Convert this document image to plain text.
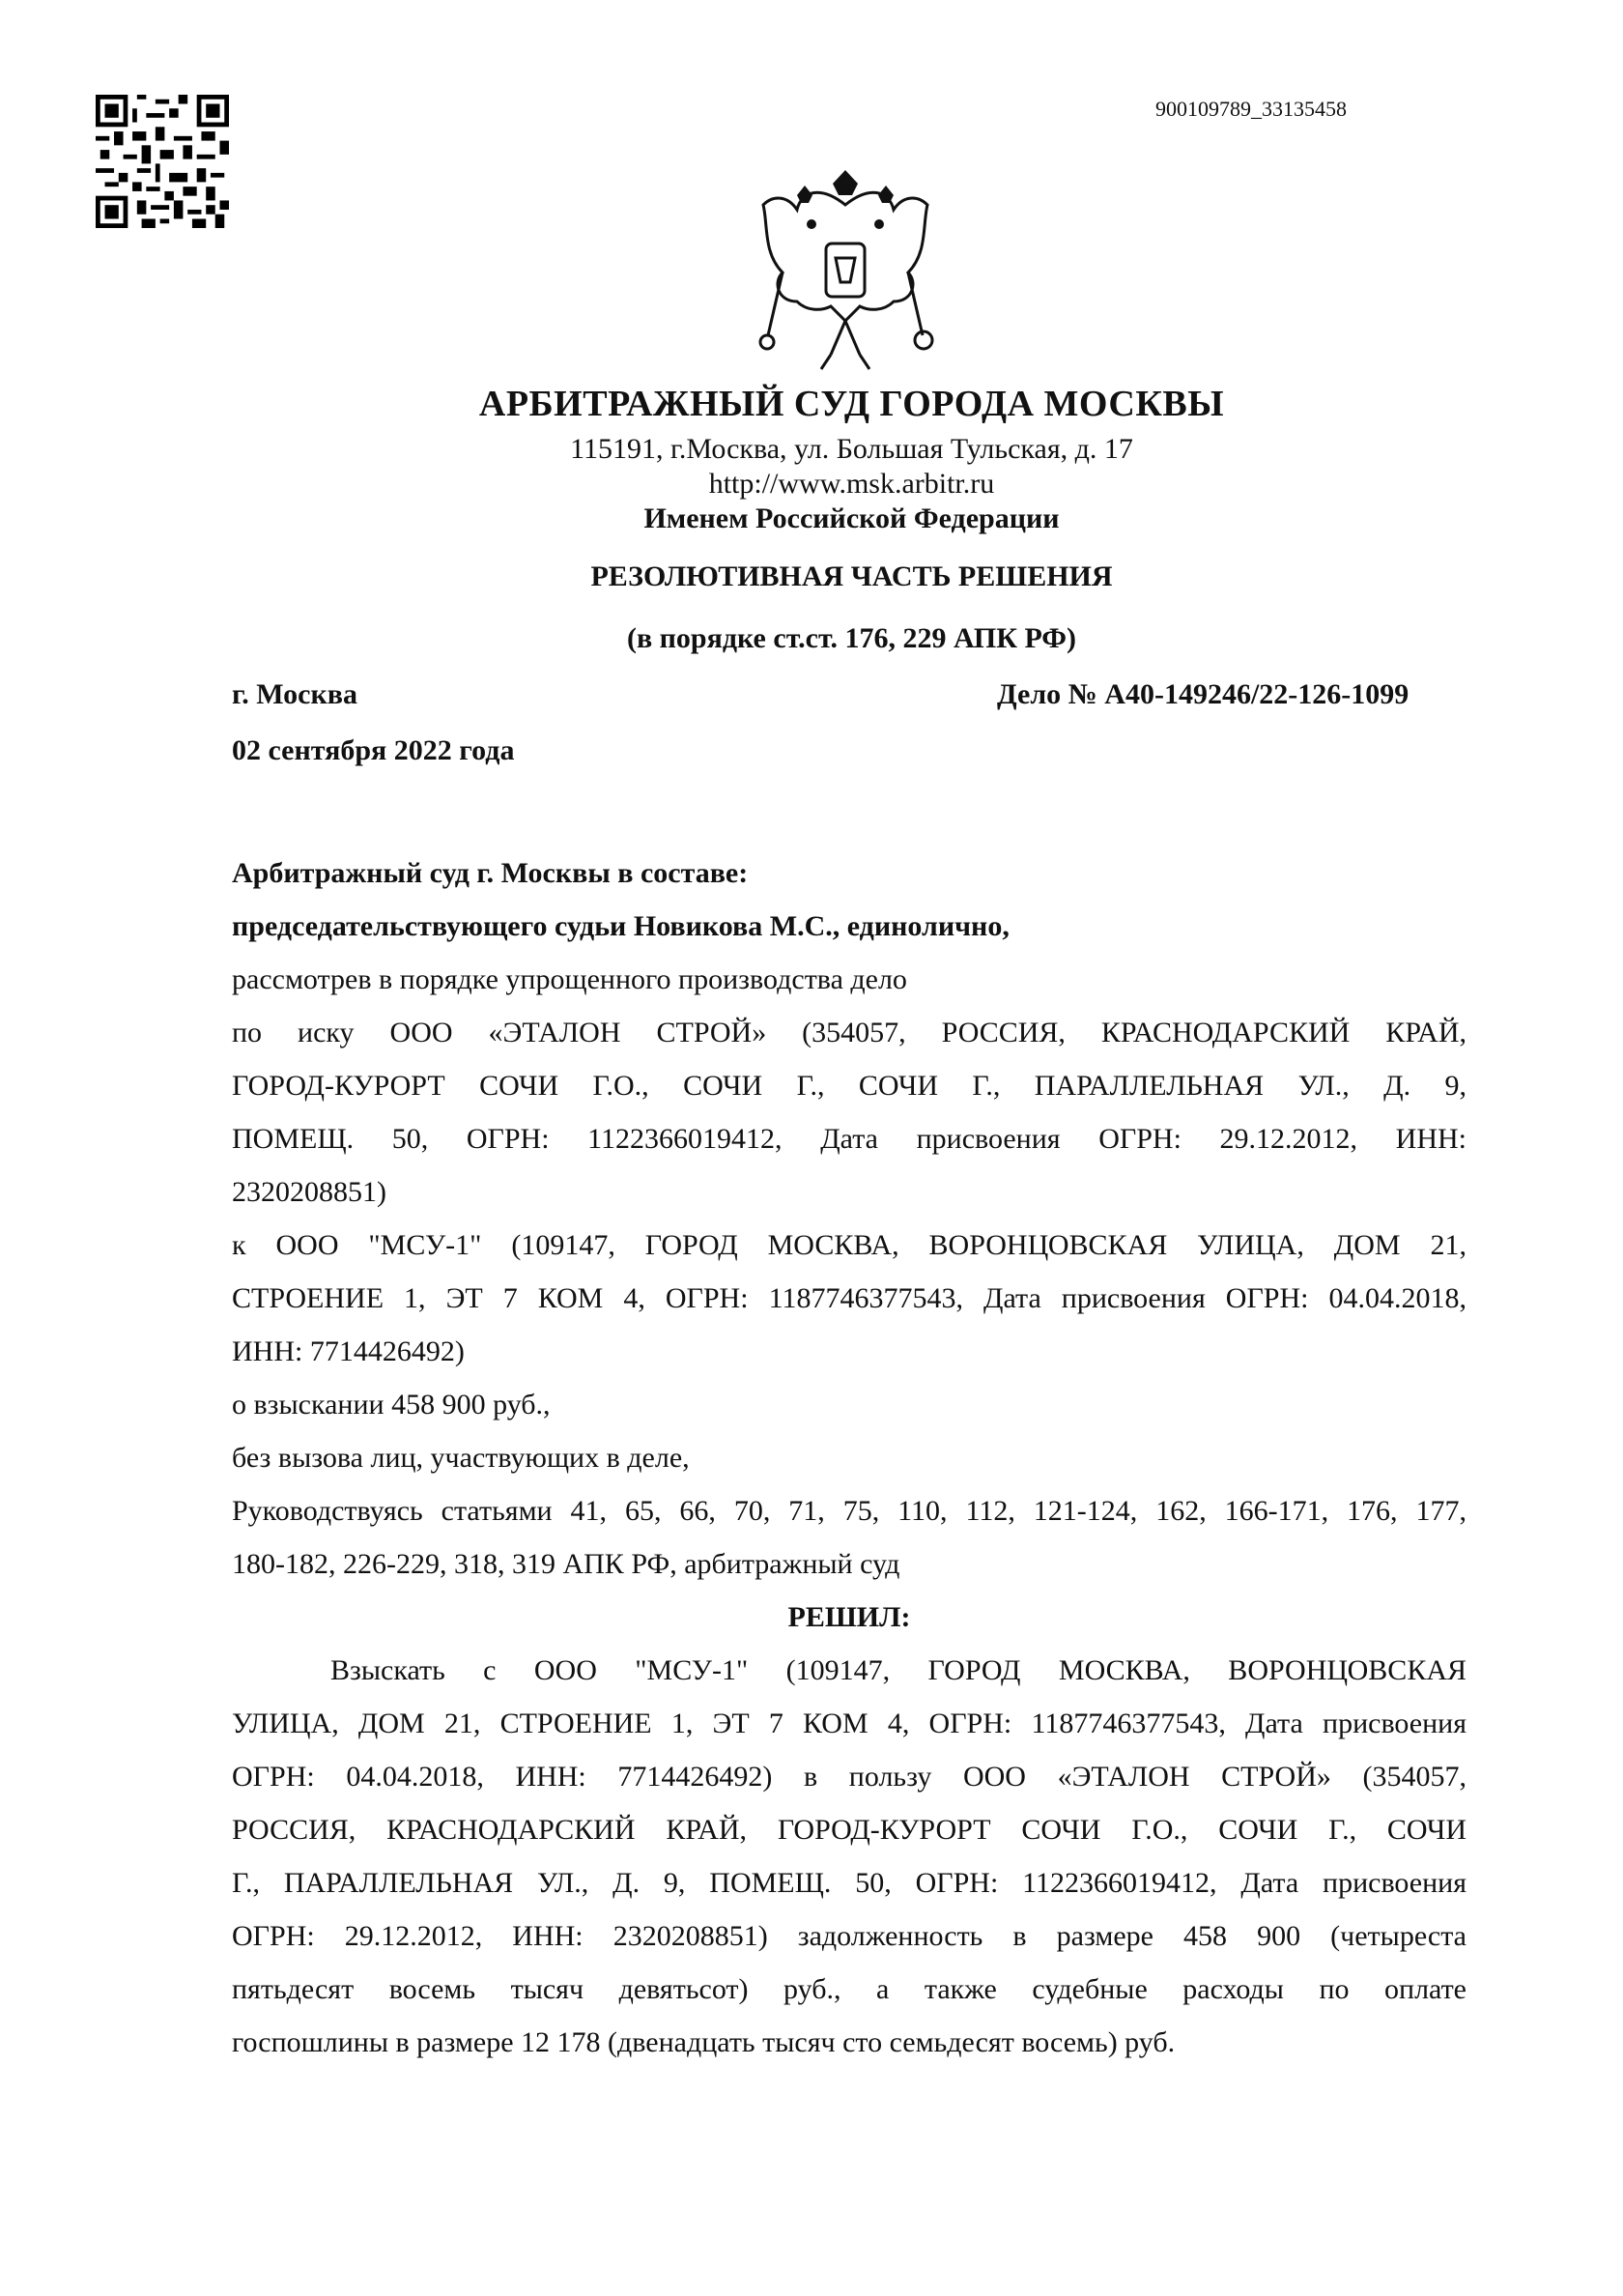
900109789_33135458
АРБИТРАЖНЫЙ СУД ГОРОДА МОСКВЫ
115191, г.Москва, ул. Большая Тульская, д. 17
http://www.msk.arbitr.ru
Именем Российской Федерации
РЕЗОЛЮТИВНАЯ ЧАСТЬ РЕШЕНИЯ
(в порядке ст.ст. 176, 229 АПК РФ)
г. Москва	Дело № А40-149246/22-126-1099
02 сентября 2022 года

Арбитражный суд г. Москвы в составе:

председательствующего судьи Новикова М.С., единолично,

рассмотрев в порядке упрощенного производства дело

по иску ООО «ЭТАЛОН СТРОЙ» (354057, РОССИЯ, КРАСНОДАРСКИЙ КРАЙ,

ГОРОД-КУРОРТ СОЧИ Г.О., СОЧИ Г., СОЧИ Г., ПАРАЛЛЕЛЬНАЯ УЛ., Д. 9,

ПОМЕЩ. 50, ОГРН: 1122366019412, Дата присвоения ОГРН: 29.12.2012, ИНН:

2320208851)

к ООО "МСУ-1" (109147, ГОРОД МОСКВА, ВОРОНЦОВСКАЯ УЛИЦА, ДОМ 21,

СТРОЕНИЕ 1, ЭТ 7 КОМ 4, ОГРН: 1187746377543, Дата присвоения ОГРН: 04.04.2018,

ИНН: 7714426492)

о взыскании 458 900 руб.,

без вызова лиц, участвующих в деле,

Руководствуясь статьями 41, 65, 66, 70, 71, 75, 110, 112, 121-124, 162, 166-171, 176, 177,

180-182, 226-229, 318, 319 АПК РФ, арбитражный суд

РЕШИЛ:

Взыскать с ООО "МСУ-1" (109147, ГОРОД МОСКВА, ВОРОНЦОВСКАЯ

УЛИЦА, ДОМ 21, СТРОЕНИЕ 1, ЭТ 7 КОМ 4, ОГРН: 1187746377543, Дата присвоения

ОГРН: 04.04.2018, ИНН: 7714426492) в пользу ООО «ЭТАЛОН СТРОЙ» (354057,

РОССИЯ, КРАСНОДАРСКИЙ КРАЙ, ГОРОД-КУРОРТ СОЧИ Г.О., СОЧИ Г., СОЧИ

Г., ПАРАЛЛЕЛЬНАЯ УЛ., Д. 9, ПОМЕЩ. 50, ОГРН: 1122366019412, Дата присвоения

ОГРН: 29.12.2012, ИНН: 2320208851) задолженность в размере 458 900 (четыреста

пятьдесят восемь тысяч девятьсот) руб., а также судебные расходы по оплате

госпошлины в размере 12 178 (двенадцать тысяч сто семьдесят восемь) руб.
